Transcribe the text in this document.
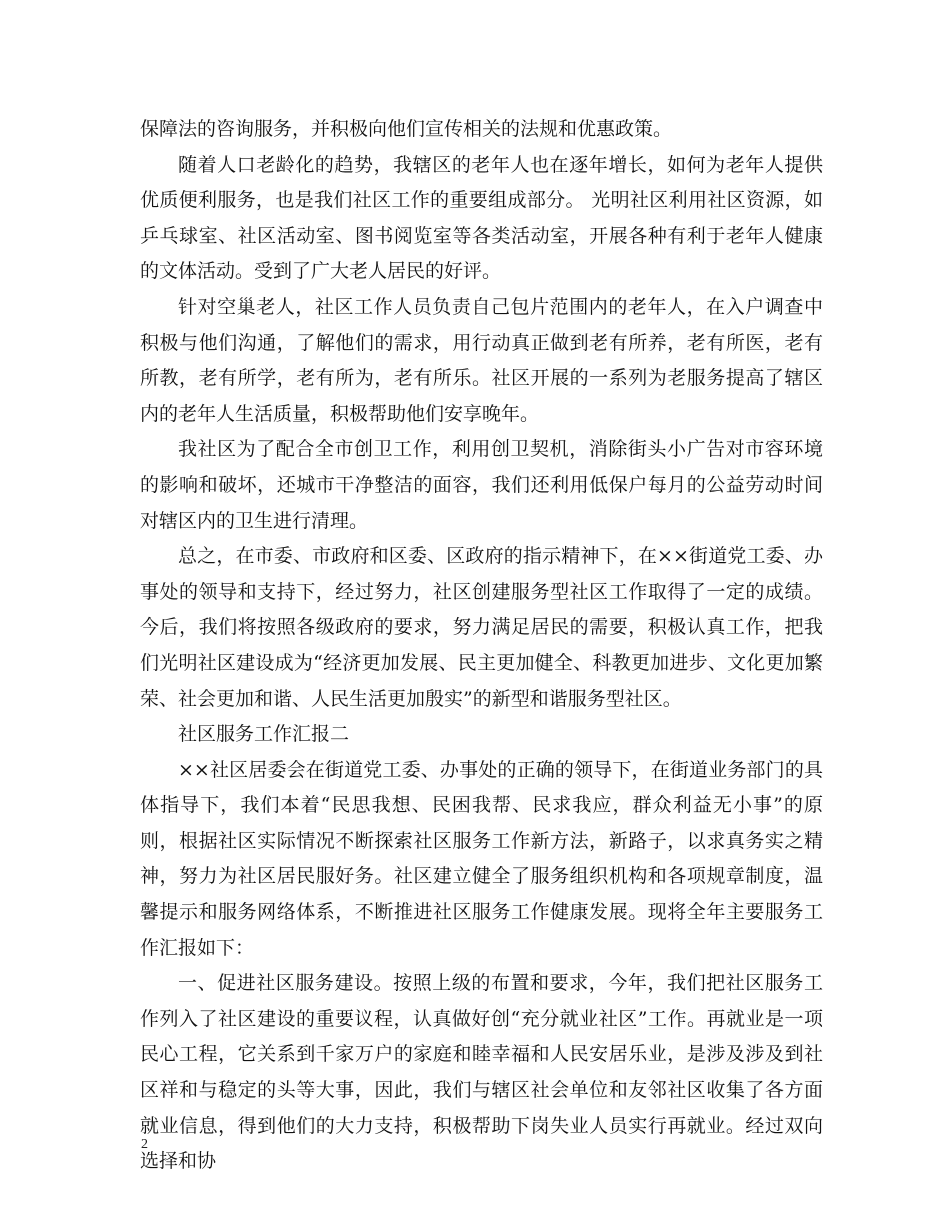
保障法的咨询服务，并积极向他们宣传相关的法规和优惠政策。

随着人口老龄化的趋势，我辖区的老年人也在逐年增长，如何为老年人提供优质便利服务，也是我们社区工作的重要组成部分。 光明社区利用社区资源，如乒乓球室、社区活动室、图书阅览室等各类活动室，开展各种有利于老年人健康的文体活动。受到了广大老人居民的好评。

针对空巢老人，社区工作人员负责自己包片范围内的老年人，在入户调查中积极与他们沟通，了解他们的需求，用行动真正做到老有所养，老有所医，老有所教，老有所学，老有所为，老有所乐。社区开展的一系列为老服务提高了辖区内的老年人生活质量，积极帮助他们安享晚年。

我社区为了配合全市创卫工作，利用创卫契机，消除街头小广告对市容环境的影响和破坏，还城市干净整洁的面容，我们还利用低保户每月的公益劳动时间对辖区内的卫生进行清理。

总之，在市委、市政府和区委、区政府的指示精神下，在××街道党工委、办事处的领导和支持下，经过努力，社区创建服务型社区工作取得了一定的成绩。今后，我们将按照各级政府的要求，努力满足居民的需要，积极认真工作，把我们光明社区建设成为“经济更加发展、民主更加健全、科教更加进步、文化更加繁荣、社会更加和谐、人民生活更加殷实”的新型和谐服务型社区。

社区服务工作汇报二

××社区居委会在街道党工委、办事处的正确的领导下，在街道业务部门的具体指导下，我们本着“民思我想、民困我帮、民求我应，群众利益无小事”的原则，根据社区实际情况不断探索社区服务工作新方法，新路子，以求真务实之精神，努力为社区居民服好务。社区建立健全了服务组织机构和各项规章制度，温馨提示和服务网络体系，不断推进社区服务工作健康发展。现将全年主要服务工作汇报如下：

一、促进社区服务建设。按照上级的布置和要求，今年，我们把社区服务工作列入了社区建设的重要议程，认真做好创“充分就业社区”工作。再就业是一项民心工程，它关系到千家万户的家庭和睦幸福和人民安居乐业，是涉及涉及到社区祥和与稳定的头等大事，因此，我们与辖区社会单位和友邻社区收集了各方面就业信息，得到他们的大力支持，积极帮助下岗失业人员实行再就业。经过双向选择和协

2
